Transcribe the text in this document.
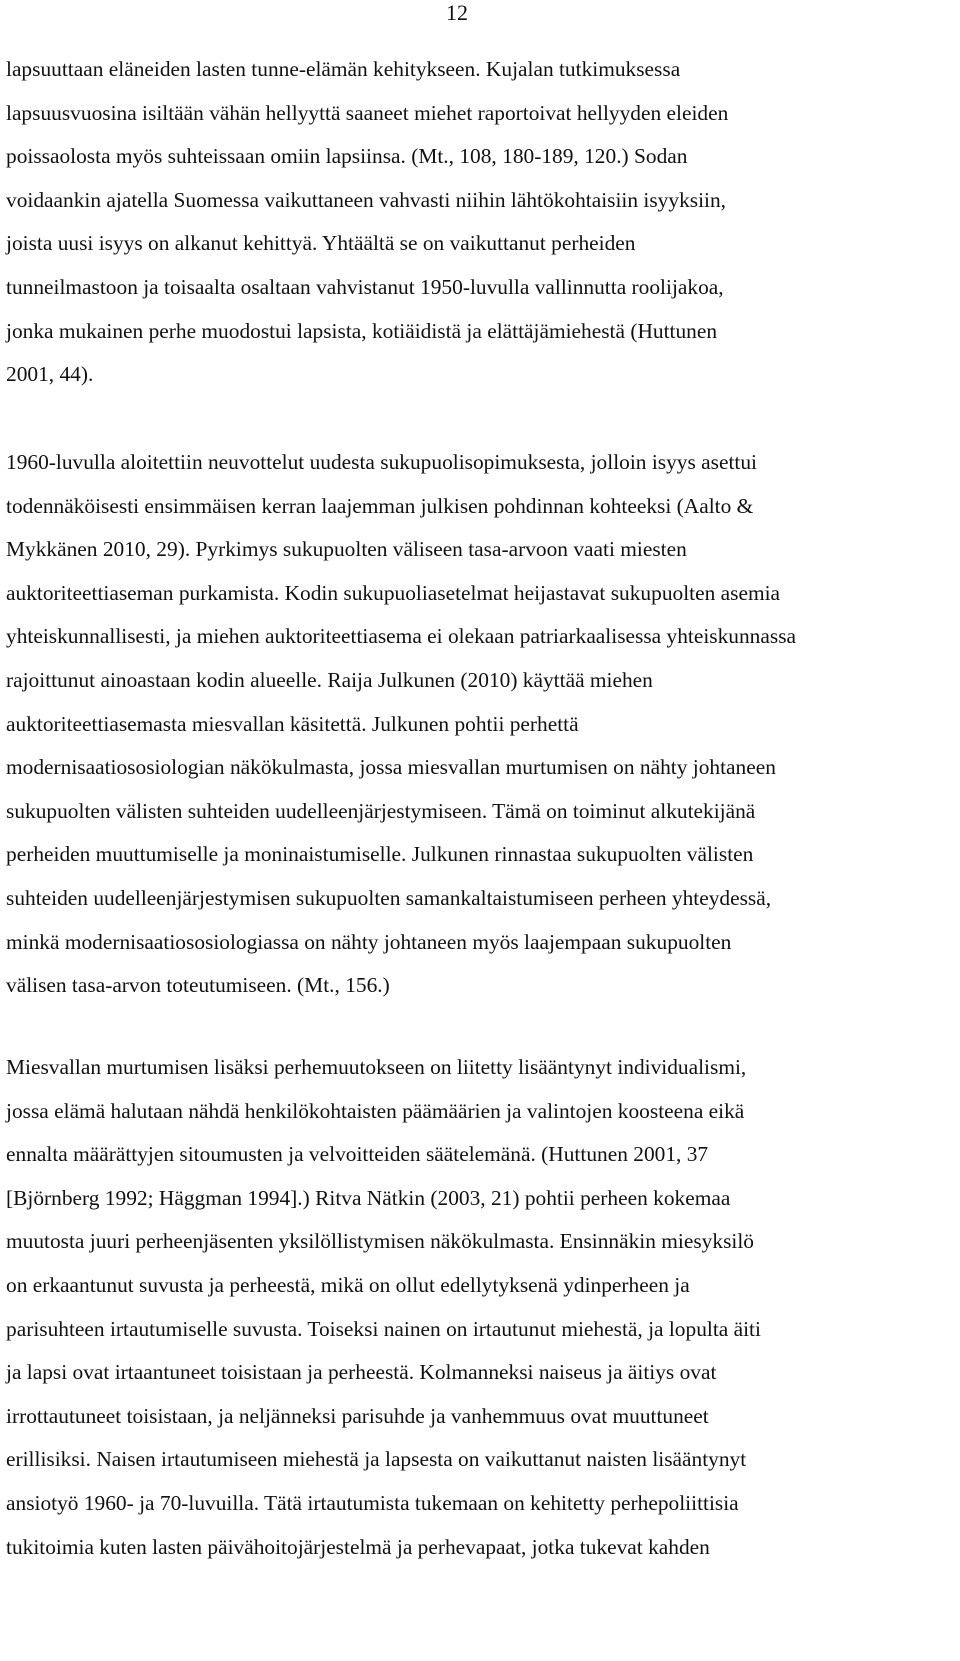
12

lapsuuttaan eläneiden lasten tunne-elämän kehitykseen. Kujalan tutkimuksessa
lapsuusvuosina isiltään vähän hellyyttä saaneet miehet raportoivat hellyyden eleiden
poissaolosta myös suhteissaan omiin lapsiinsa. (Mt., 108, 180-189, 120.) Sodan
voidaankin ajatella Suomessa vaikuttaneen vahvasti niihin lähtökohtaisiin isyyksiin,
joista uusi isyys on alkanut kehittyä. Yhtäältä se on vaikuttanut perheiden
tunneilmastoon ja toisaalta osaltaan vahvistanut 1950-luvulla vallinnutta roolijakoa,
jonka mukainen perhe muodostui lapsista, kotiäidistä ja elättäjämiehestä (Huttunen
2001, 44).

1960-luvulla aloitettiin neuvottelut uudesta sukupuolisopimuksesta, jolloin isyys asettui
todennäköisesti ensimmäisen kerran laajemman julkisen pohdinnan kohteeksi (Aalto &
Mykkänen 2010, 29). Pyrkimys sukupuolten väliseen tasa-arvoon vaati miesten
auktoriteettiaseman purkamista. Kodin sukupuoliasetelmat heijastavat sukupuolten asemia
yhteiskunnallisesti, ja miehen auktoriteettiasema ei olekaan patriarkaalisessa yhteiskunnassa
rajoittunut ainoastaan kodin alueelle. Raija Julkunen (2010) käyttää miehen
auktoriteettiasemasta miesvallan käsitettä. Julkunen pohtii perhettä
modernisaatiososiologian näkökulmasta, jossa miesvallan murtumisen on nähty johtaneen
sukupuolten välisten suhteiden uudelleenjärjestymiseen. Tämä on toiminut alkutekijänä
perheiden muuttumiselle ja moninaistumiselle. Julkunen rinnastaa sukupuolten välisten
suhteiden uudelleenjärjestymisen sukupuolten samankaltaistumiseen perheen yhteydessä,
minkä modernisaatiososiologiassa on nähty johtaneen myös laajempaan sukupuolten
välisen tasa-arvon toteutumiseen. (Mt., 156.)

Miesvallan murtumisen lisäksi perhemuutokseen on liitetty lisääntynyt individualismi,
jossa elämä halutaan nähdä henkilökohtaisten päämäärien ja valintojen koosteena eikä
ennalta määrättyjen sitoumusten ja velvoitteiden säätelemänä. (Huttunen 2001, 37
[Björnberg 1992; Häggman 1994].) Ritva Nätkin (2003, 21) pohtii perheen kokemaa
muutosta juuri perheenjäsenten yksilöllistymisen näkökulmasta. Ensinnäkin miesyksilö
on erkaantunut suvusta ja perheestä, mikä on ollut edellytyksenä ydinperheen ja
parisuhteen irtautumiselle suvusta. Toiseksi nainen on irtautunut miehestä, ja lopulta äiti
ja lapsi ovat irtaantuneet toisistaan ja perheestä. Kolmanneksi naiseus ja äitiys ovat
irrottautuneet toisistaan, ja neljänneksi parisuhde ja vanhemmuus ovat muuttuneet
erillisiksi. Naisen irtautumiseen miehestä ja lapsesta on vaikuttanut naisten lisääntynyt
ansiotyö 1960- ja 70-luvuilla. Tätä irtautumista tukemaan on kehitetty perhepoliittisia
tukitoimia kuten lasten päivähoitojärjestelmä ja perhevapaat, jotka tukevat kahden
